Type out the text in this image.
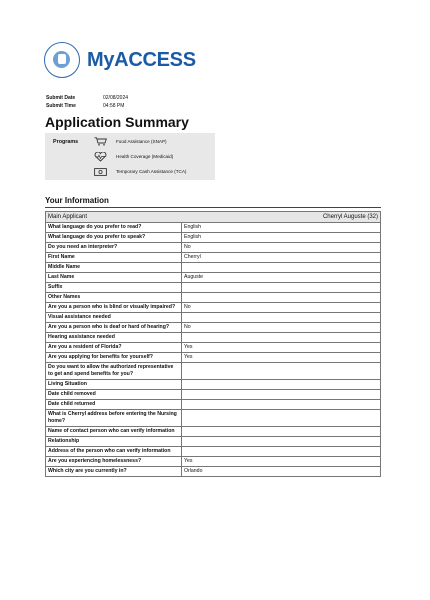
MyACCESS
Submit Date	02/08/2024
Submit Time	04:58 PM
Application Summary
Programs	Food Assistance (SNAP)
Health Coverage (Medicaid)
Temporary Cash Assistance (TCA)
Your Information
Main Applicant Cherryl Auguste (32)	

What language do you prefer to read?	English
What language do you prefer to speak?	English
Do you need an interpreter?	No
First Name	Cherryl
Middle Name	
Last Name	Auguste
Suffix	
Other Names	
Are you a person who is blind or visually impaired?	No
Visual assistance needed	
Are you a person who is deaf or hard of hearing?	No
Hearing assistance needed	
Are you a resident of Florida?	Yes
Are you applying for benefits for yourself?	Yes
Do you want to allow the authorized representative to get and spend benefits for you?	
Living Situation	
Date child removed	
Date child returned	
What is Cherryl address before entering the Nursing home?	
Name of contact person who can verify information	
Relationship	
Address of the person who can verify information	
Are you experiencing homelessness?	Yes
Which city are you currently in?	Orlando
